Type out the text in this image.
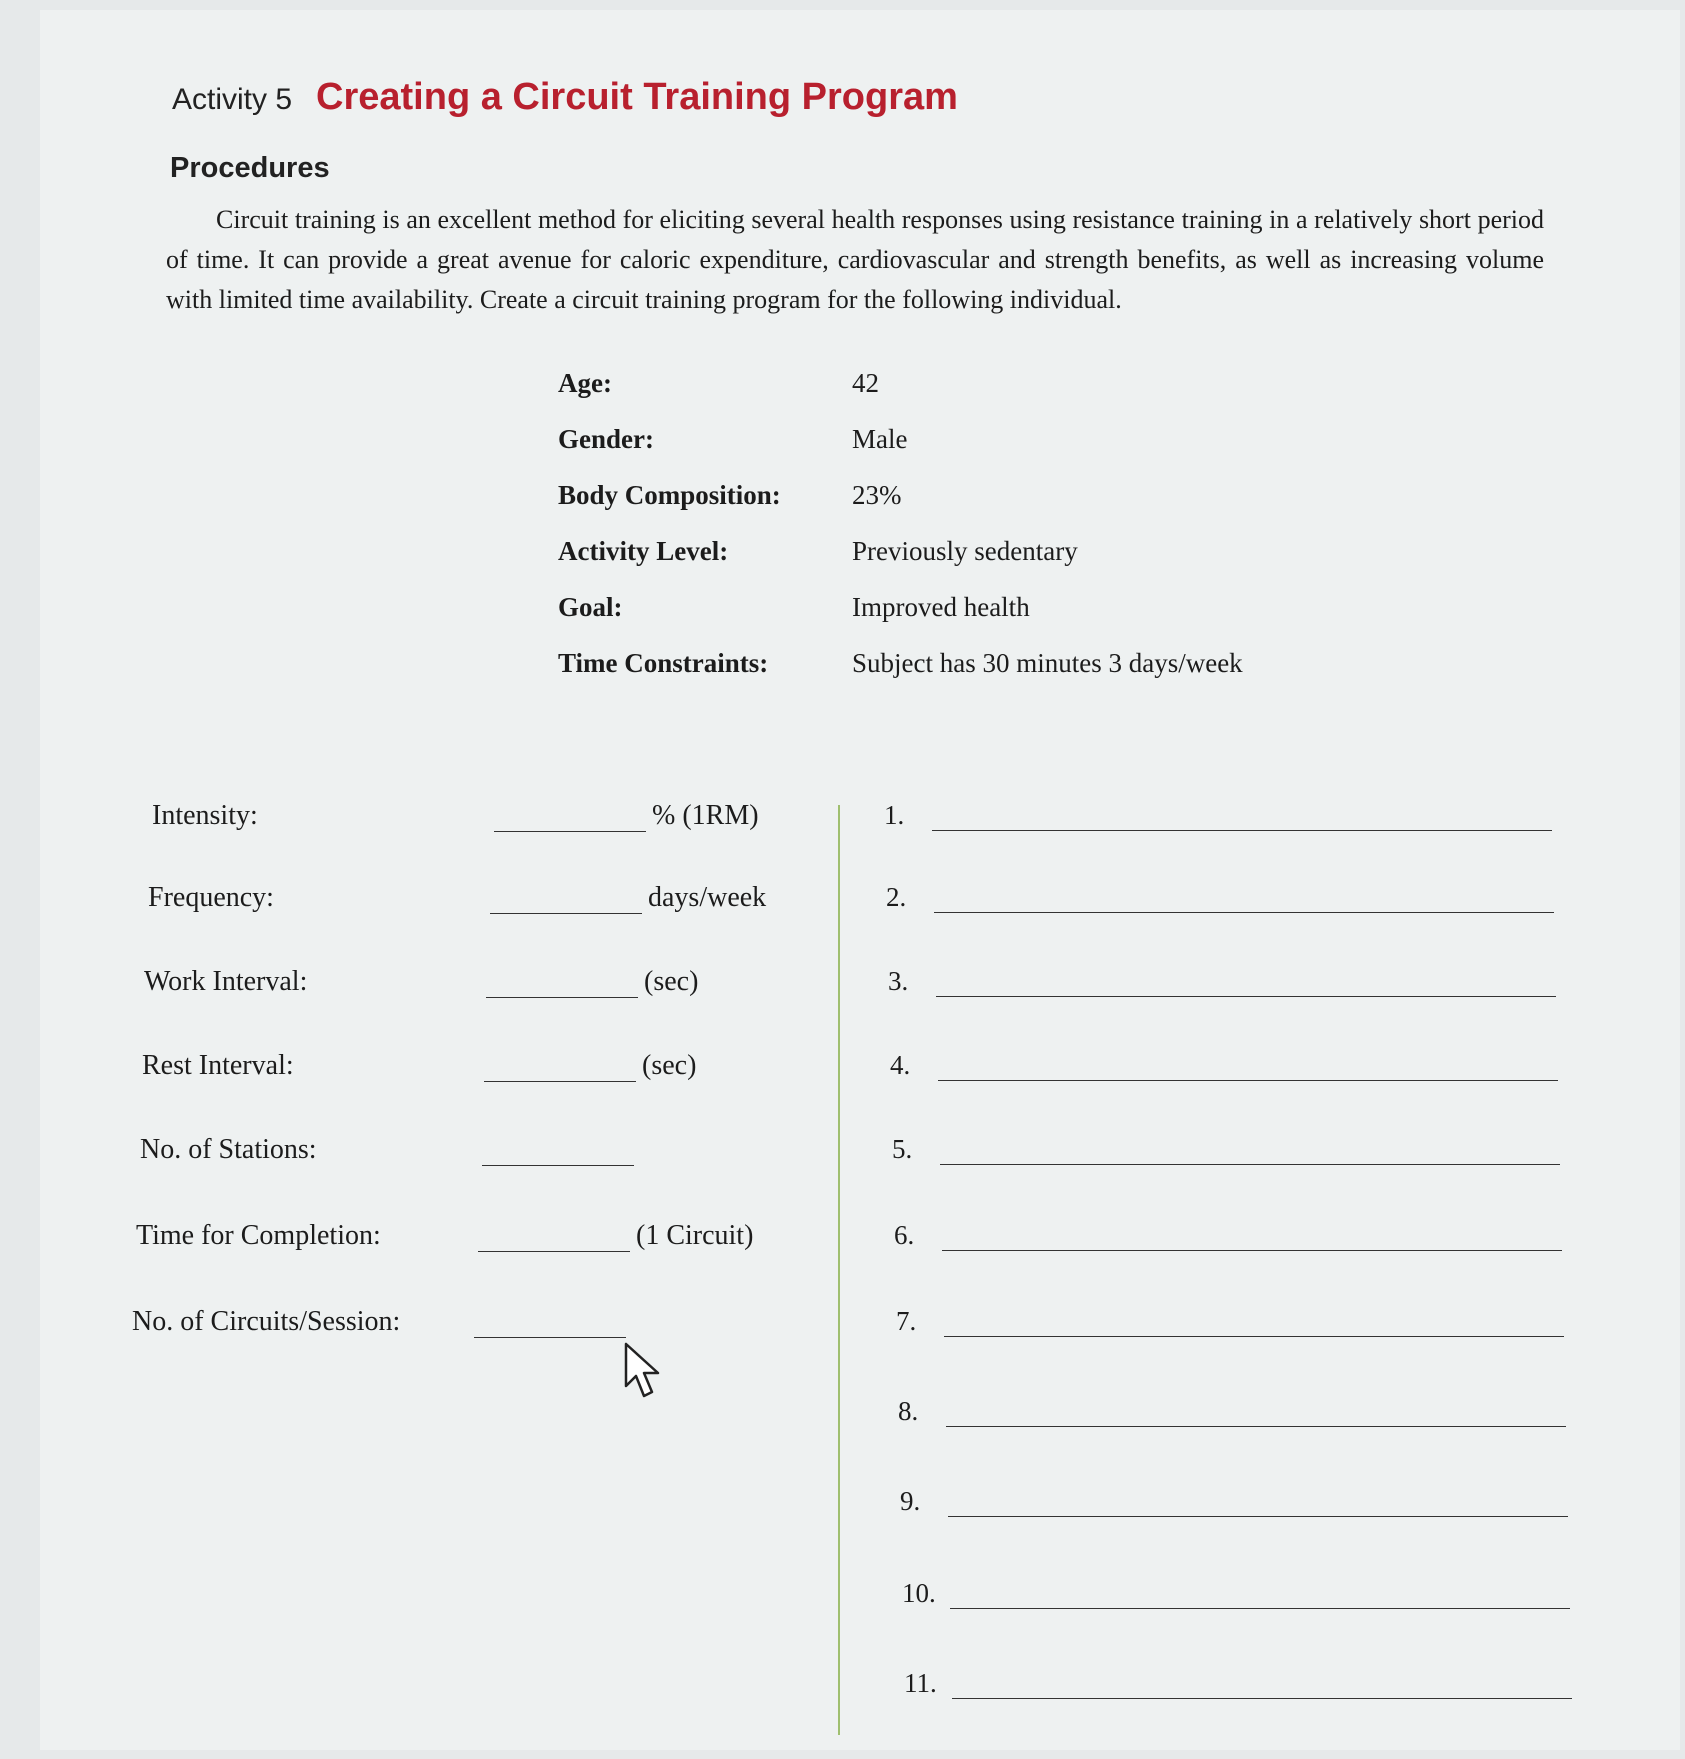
Activity 5 Creating a Circuit Training Program
Procedures
Circuit training is an excellent method for eliciting several health responses using resistance training in a relatively short period of time. It can provide a great avenue for caloric expenditure, cardiovascular and strength benefits, as well as increasing volume with limited time availability. Create a circuit training program for the following individual.
Age:	42
Gender:	Male
Body Composition:	23%
Activity Level:	Previously sedentary
Goal:	Improved health
Time Constraints:	Subject has 30 minutes 3 days/week
Intensity:	% (1RM)
Frequency:	days/week
Work Interval:	(sec)
Rest Interval:	(sec)
No. of Stations:
Time for Completion:	(1 Circuit)
No. of Circuits/Session:
1.
2.
3.
4.
5.
6.
7.
8.
9.
10.
11.
